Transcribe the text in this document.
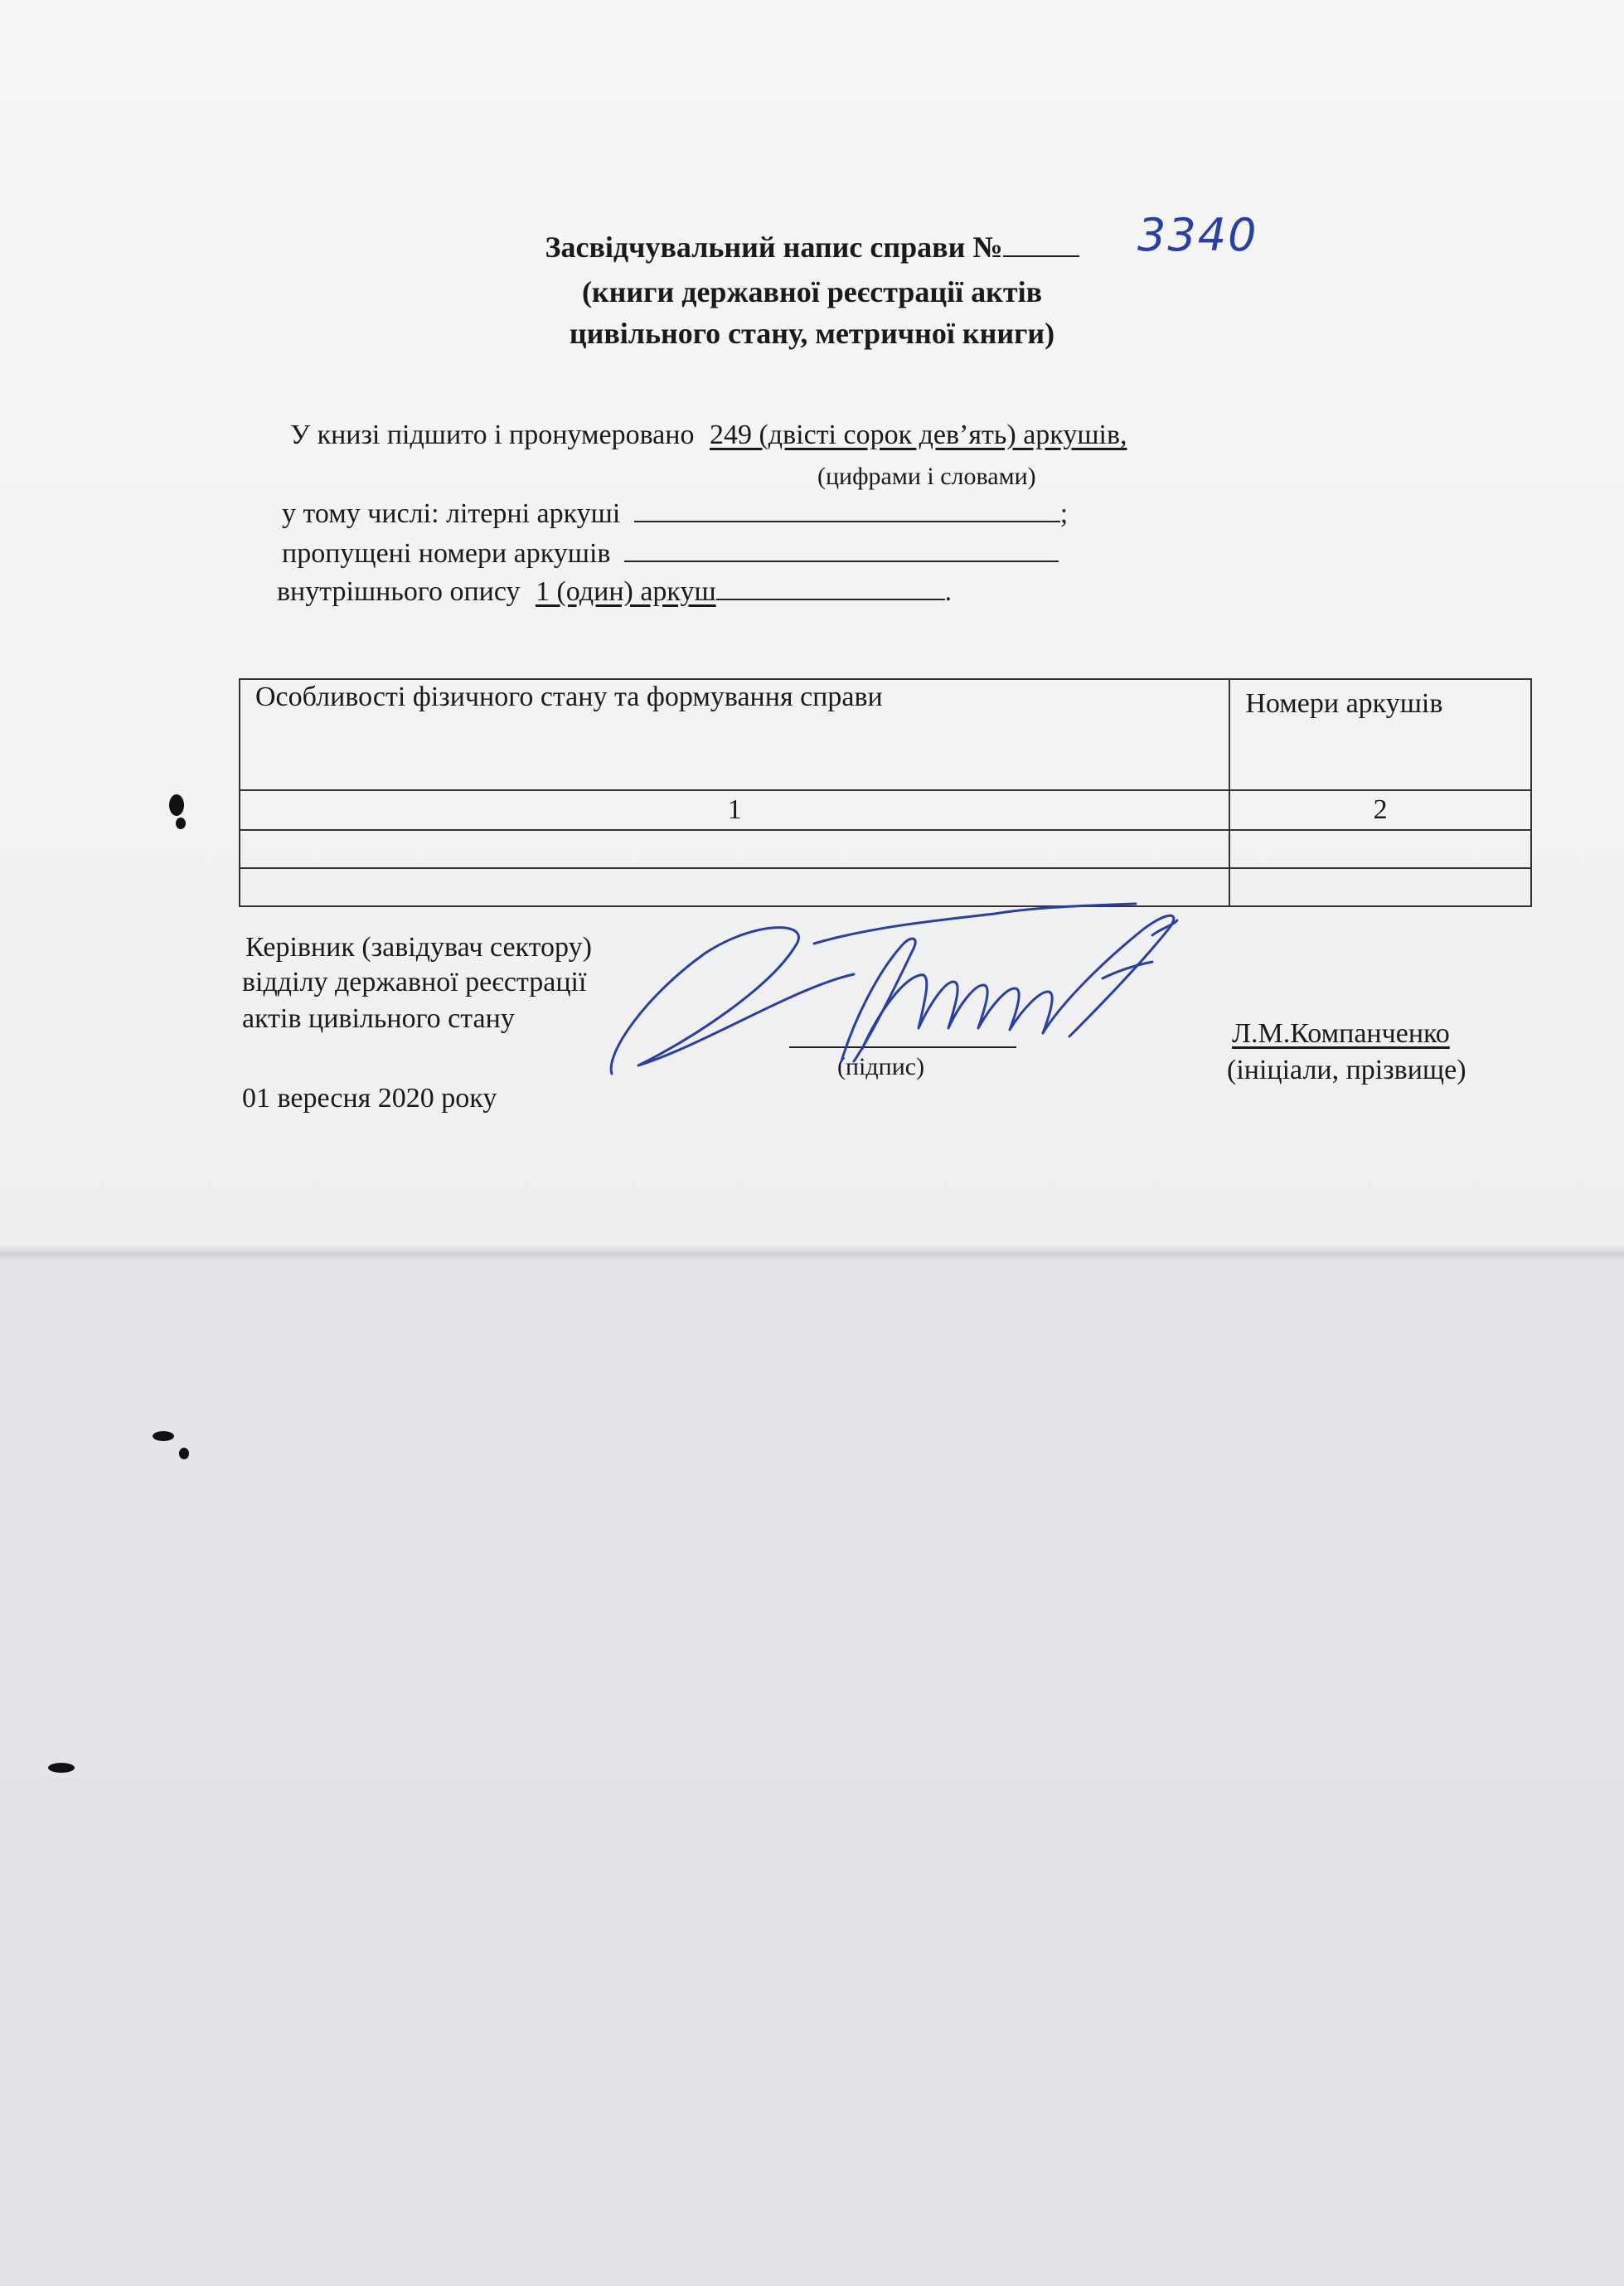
Засвідчувальний напис справи №	3340
(книги державної реєстрації актів
цивільного стану, метричної книги)
У книзі підшито і пронумеровано 249 (двісті сорок дев’ять) аркушів,
(цифрами і словами)
у тому числі: літерні аркуші	;
пропущені номери аркушів
внутрішнього опису 1 (один) аркуш	.
Особливості фізичного стану та формування справи	Номери аркушів
1	2

Керівник (завідувач сектору)
відділу державної реєстрації
актів цивільного стану
(підпис)
Л.М.Компанченко
(ініціали, прізвище)
01 вересня 2020 року
